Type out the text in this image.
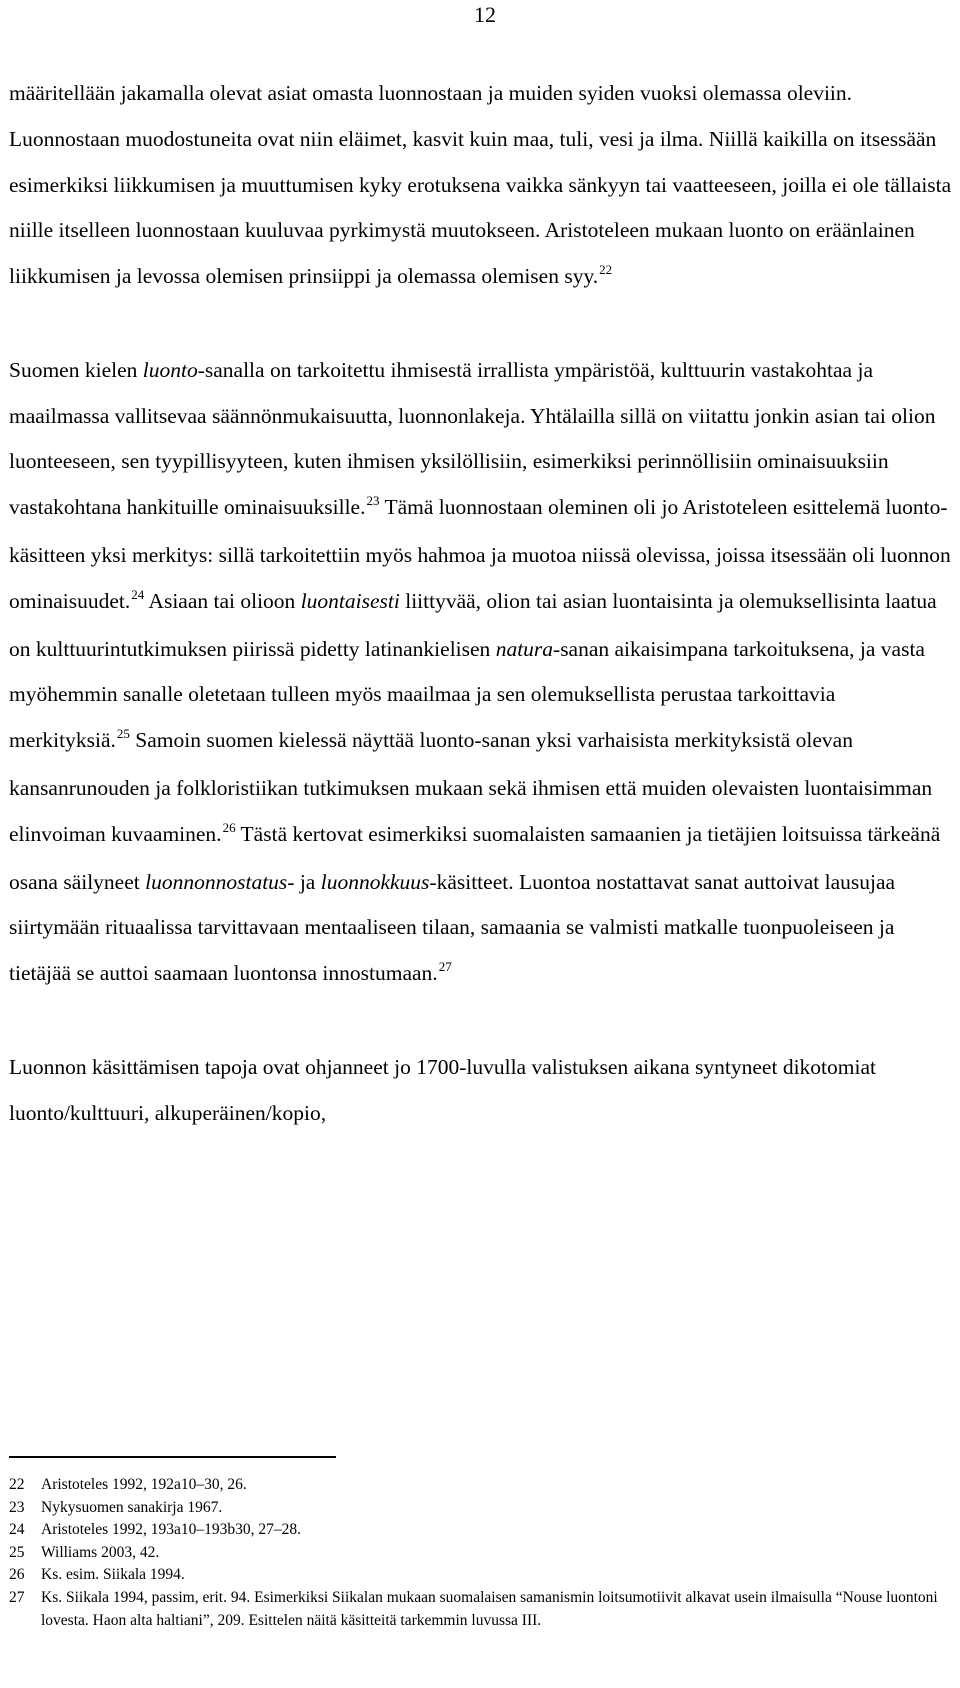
12

määritellään jakamalla olevat asiat omasta luonnostaan ja muiden syiden vuoksi olemassa oleviin. Luonnostaan muodostuneita ovat niin eläimet, kasvit kuin maa, tuli, vesi ja ilma. Niillä kaikilla on itsessään esimerkiksi liikkumisen ja muuttumisen kyky erotuksena vaikka sänkyyn tai vaatteeseen, joilla ei ole tällaista niille itselleen luonnostaan kuuluvaa pyrkimystä muutokseen. Aristoteleen mukaan luonto on eräänlainen liikkumisen ja levossa olemisen prinsiippi ja olemassa olemisen syy.$^{22}$

Suomen kielen luonto-sanalla on tarkoitettu ihmisestä irrallista ympäristöä, kulttuurin vastakohtaa ja maailmassa vallitsevaa säännönmukaisuutta, luonnonlakeja. Yhtälailla sillä on viitattu jonkin asian tai olion luonteeseen, sen tyypillisyyteen, kuten ihmisen yksilöllisiin, esimerkiksi perinnöllisiin ominaisuuksiin vastakohtana hankituille ominaisuuksille.$^{23}$ Tämä luonnostaan oleminen oli jo Aristoteleen esittelemä luonto-käsitteen yksi merkitys: sillä tarkoitettiin myös hahmoa ja muotoa niissä olevissa, joissa itsessään oli luonnon ominaisuudet.$^{24}$ Asiaan tai olioon luontaisesti liittyvää, olion tai asian luontaisinta ja olemuksellisinta laatua on kulttuurintutkimuksen piirissä pidetty latinankielisen natura-sanan aikaisimpana tarkoituksena, ja vasta myöhemmin sanalle oletetaan tulleen myös maailmaa ja sen olemuksellista perustaa tarkoittavia merkityksiä.$^{25}$ Samoin suomen kielessä näyttää luonto-sanan yksi varhaisista merkityksistä olevan kansanrunouden ja folkloristiikan tutkimuksen mukaan sekä ihmisen että muiden olevaisten luontaisimman elinvoiman kuvaaminen.$^{26}$ Tästä kertovat esimerkiksi suomalaisten samaanien ja tietäjien loitsuissa tärkeänä osana säilyneet luonnonnostatus- ja luonnokkuus-käsitteet. Luontoa nostattavat sanat auttoivat lausujaa siirtymään rituaalissa tarvittavaan mentaaliseen tilaan, samaania se valmisti matkalle tuonpuoleiseen ja tietäjää se auttoi saamaan luontonsa innostumaan.$^{27}$

Luonnon käsittämisen tapoja ovat ohjanneet jo 1700-luvulla valistuksen aikana syntyneet dikotomiat luonto/kulttuuri, alkuperäinen/kopio,

22	Aristoteles 1992, 192a10–30, 26.
23	Nykysuomen sanakirja 1967.
24	Aristoteles 1992, 193a10–193b30, 27–28.
25	Williams 2003, 42.
26	Ks. esim. Siikala 1994.
27	Ks. Siikala 1994, passim, erit. 94. Esimerkiksi Siikalan mukaan suomalaisen samanismin loitsumotiivit alkavat usein ilmaisulla “Nouse luontoni lovesta. Haon alta haltiani”, 209. Esittelen näitä käsitteitä tarkemmin luvussa III.
